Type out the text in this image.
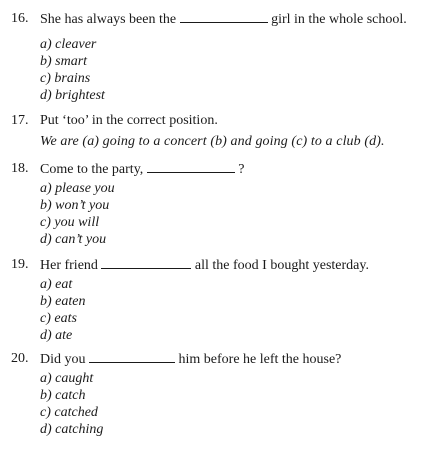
16. She has always been the	girl in the whole school.
a) cleaver
b) smart
c) brains
d) brightest
17. Put ‘too’ in the correct position.
We are (a) going to a concert (b) and going (c) to a club (d).
18. Come to the party,	?
a) please you
b) won’t you
c) you will
d) can’t you
19. Her friend	all the food I bought yesterday.
a) eat
b) eaten
c) eats
d) ate
20. Did you	him before he left the house?
a) caught
b) catch
c) catched
d) catching
